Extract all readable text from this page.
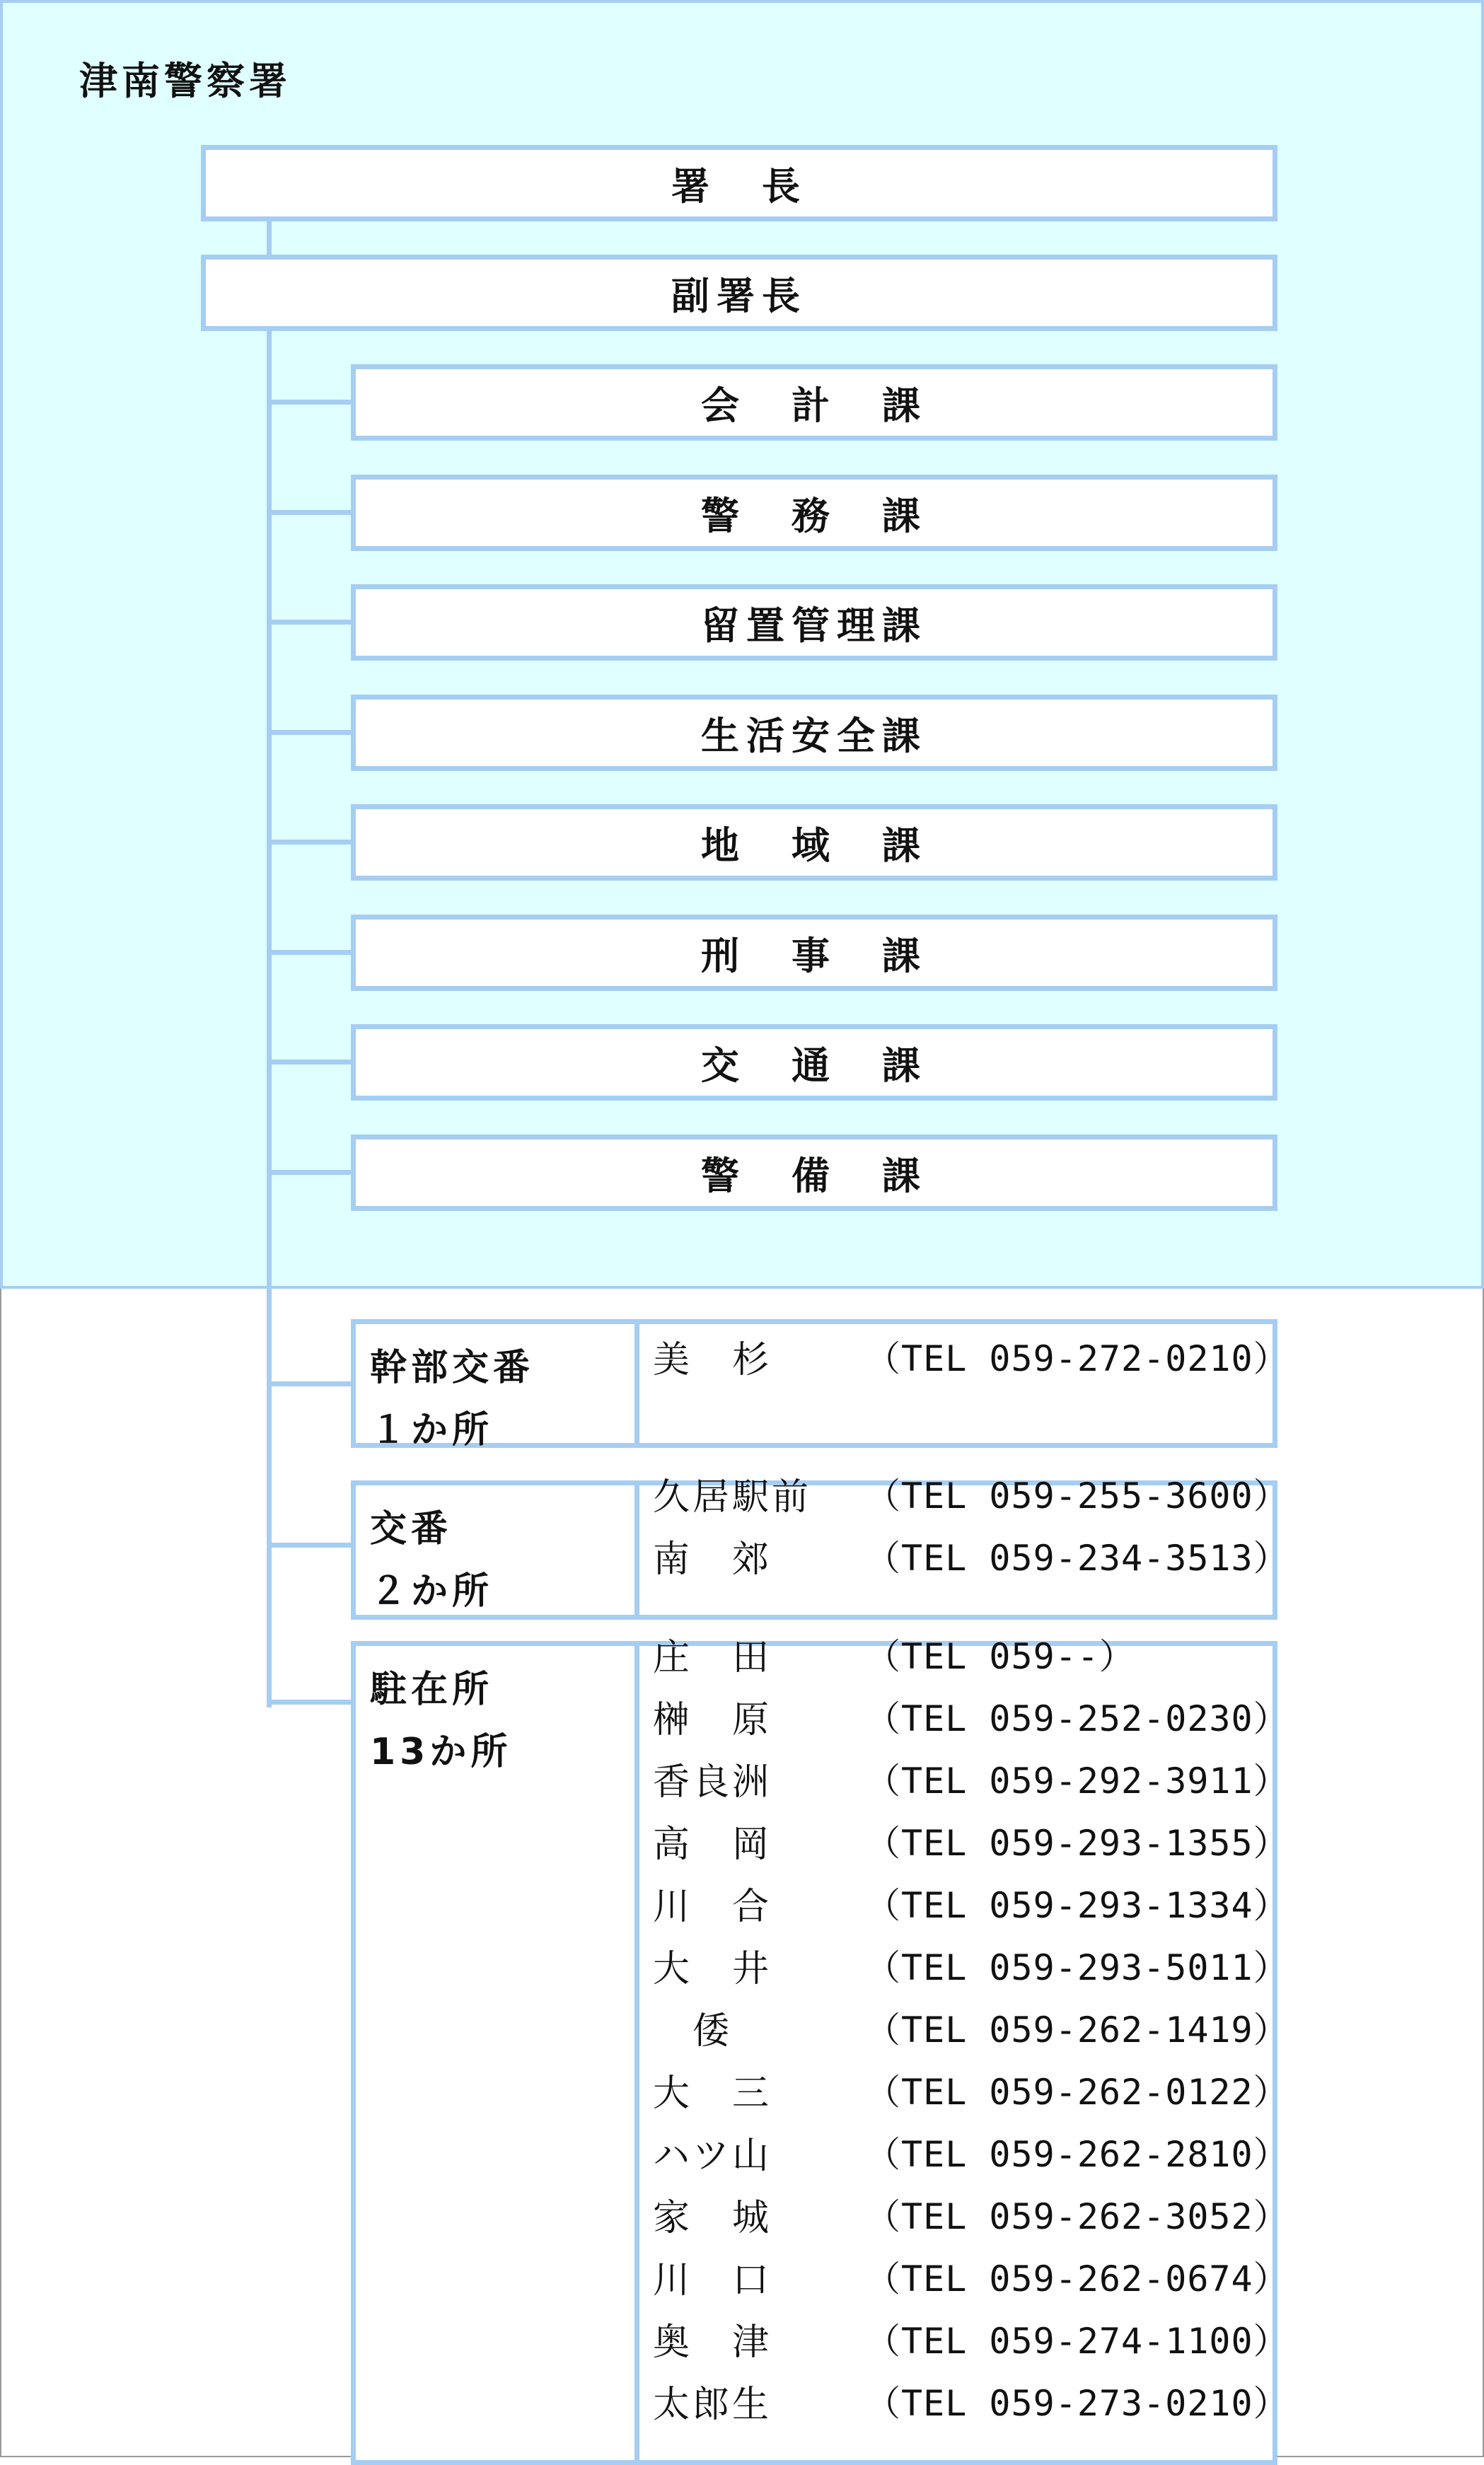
津南警察署
署　長
副署長
会　計　課
警　務　課
留置管理課
生活安全課
地　域　課
刑　事　課
交　通　課
警　備　課
幹部交番
１か所
美　杉	（TEL 059-272-0210）
交番
２か所
久居駅前	（TEL 059-255-3600）
南　郊	（TEL 059-234-3513）
駐在所
13か所
庄　田	（TEL 059--）
榊　原	（TEL 059-252-0230）
香良洲	（TEL 059-292-3911）
高　岡	（TEL 059-293-1355）
川　合	（TEL 059-293-1334）
大　井	（TEL 059-293-5011）
　倭	（TEL 059-262-1419）
大　三	（TEL 059-262-0122）
ハツ山	（TEL 059-262-2810）
家　城	（TEL 059-262-3052）
川　口	（TEL 059-262-0674）
奥　津	（TEL 059-274-1100）
太郎生	（TEL 059-273-0210）
